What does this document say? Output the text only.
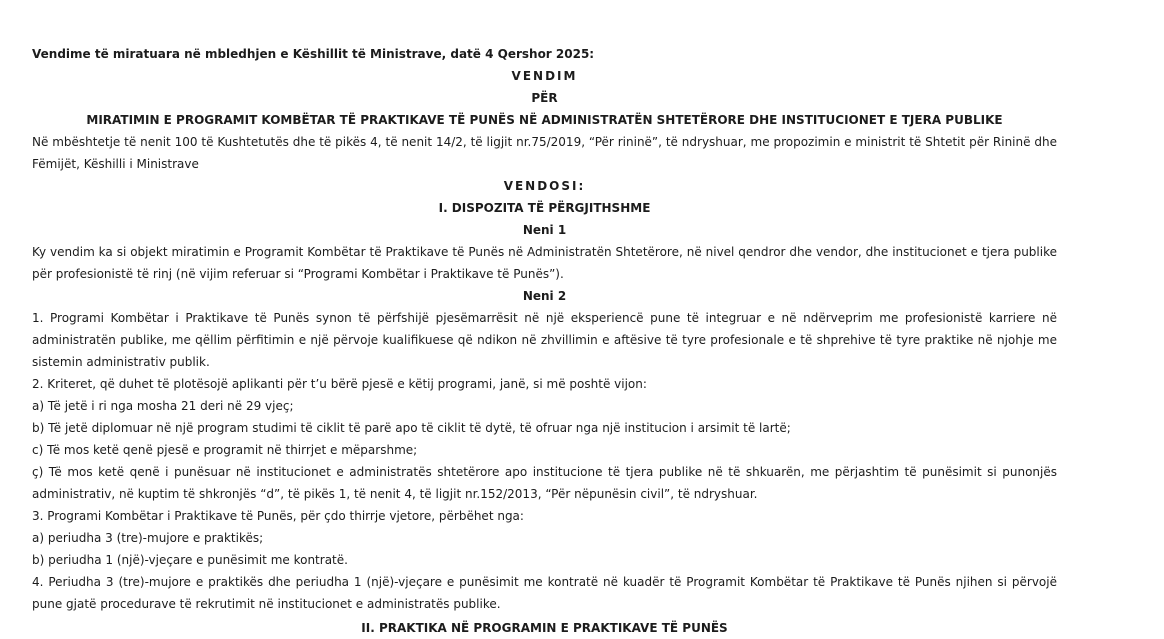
Vendime të miratuara në mbledhjen e Këshillit të Ministrave, datë 4 Qershor 2025:

VENDIM

PËR

MIRATIMIN E PROGRAMIT KOMBËTAR TË PRAKTIKAVE TË PUNËS NË ADMINISTRATËN SHTETËRORE DHE INSTITUCIONET E TJERA PUBLIKE

Në mbështetje të nenit 100 të Kushtetutës dhe të pikës 4, të nenit 14/2, të ligjit nr.75/2019, “Për rininë”, të ndryshuar, me propozimin e ministrit të Shtetit për Rininë dhe Fëmijët, Këshilli i Ministrave

VENDOSI:

I. DISPOZITA TË PËRGJITHSHME

Neni 1

Ky vendim ka si objekt miratimin e Programit Kombëtar të Praktikave të Punës në Administratën Shtetërore, në nivel qendror dhe vendor, dhe institucionet e tjera publike për profesionistë të rinj (në vijim referuar si “Programi Kombëtar i Praktikave të Punës”).

Neni 2

1. Programi Kombëtar i Praktikave të Punës synon të përfshijë pjesëmarrësit në një eksperiencë pune të integruar e në ndërveprim me profesionistë karriere në administratën publike, me qëllim përfitimin e një përvoje kualifikuese që ndikon në zhvillimin e aftësive të tyre profesionale e të shprehive të tyre praktike në njohje me sistemin administrativ publik.

2. Kriteret, që duhet të plotësojë aplikanti për t’u bërë pjesë e këtij programi, janë, si më poshtë vijon:

a) Të jetë i ri nga mosha 21 deri në 29 vjeç;

b) Të jetë diplomuar në një program studimi të ciklit të parë apo të ciklit të dytë, të ofruar nga një institucion i arsimit të lartë;

c) Të mos ketë qenë pjesë e programit në thirrjet e mëparshme;

ç) Të mos ketë qenë i punësuar në institucionet e administratës shtetërore apo institucione të tjera publike në të shkuarën, me përjashtim të punësimit si punonjës administrativ, në kuptim të shkronjës “d”, të pikës 1, të nenit 4, të ligjit nr.152/2013, “Për nëpunësin civil”, të ndryshuar.

3. Programi Kombëtar i Praktikave të Punës, për çdo thirrje vjetore, përbëhet nga:

a) periudha 3 (tre)-mujore e praktikës;

b) periudha 1 (një)-vjeçare e punësimit me kontratë.

4. Periudha 3 (tre)-mujore e praktikës dhe periudha 1 (një)-vjeçare e punësimit me kontratë në kuadër të Programit Kombëtar të Praktikave të Punës njihen si përvojë pune gjatë procedurave të rekrutimit në institucionet e administratës publike.

II. PRAKTIKA NË PROGRAMIN E PRAKTIKAVE TË PUNËS
